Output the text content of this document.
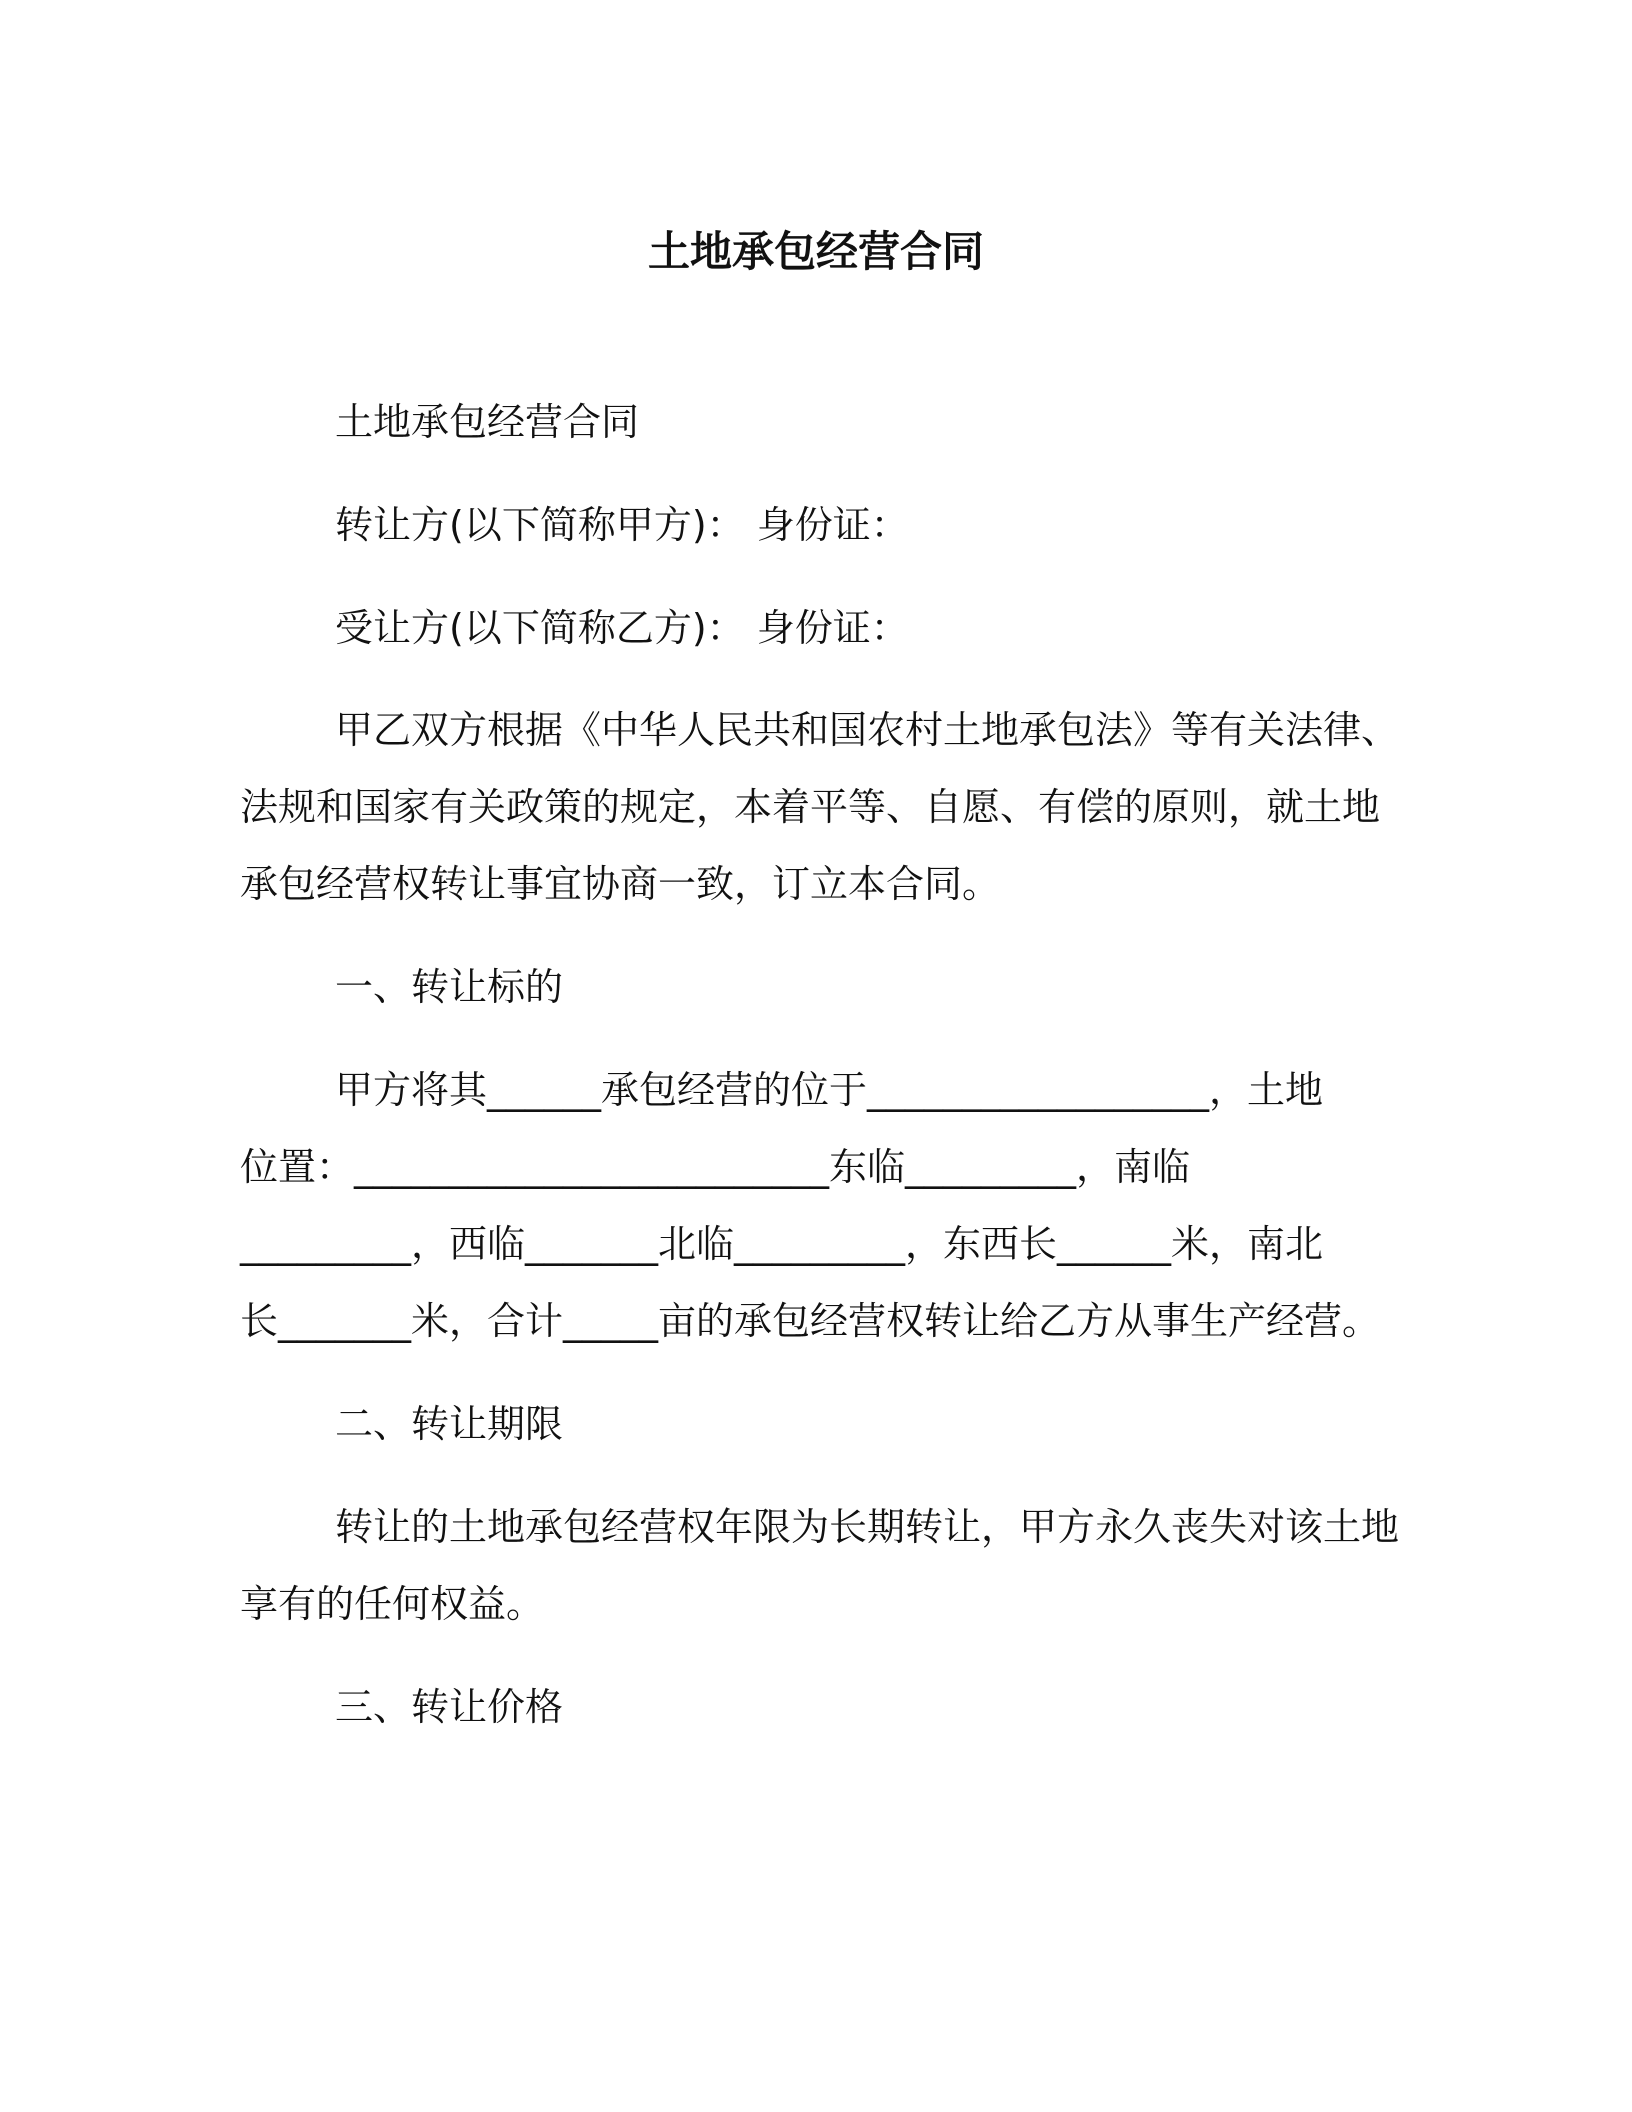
土地承包经营合同
土地承包经营合同
转让方(以下简称甲方)： 身份证：
受让方(以下简称乙方)： 身份证：
甲乙双方根据《中华人民共和国农村土地承包法》等有关法律、
法规和国家有关政策的规定，本着平等、自愿、有偿的原则，就土地
承包经营权转让事宜协商一致，订立本合同。
一、转让标的
甲方将其______承包经营的位于__________________，土地
位置：_________________________东临_________，南临
_________，西临_______北临_________，东西长______米，南北
长_______米，合计_____亩的承包经营权转让给乙方从事生产经营。
二、转让期限
转让的土地承包经营权年限为长期转让，甲方永久丧失对该土地
享有的任何权益。
三、转让价格
